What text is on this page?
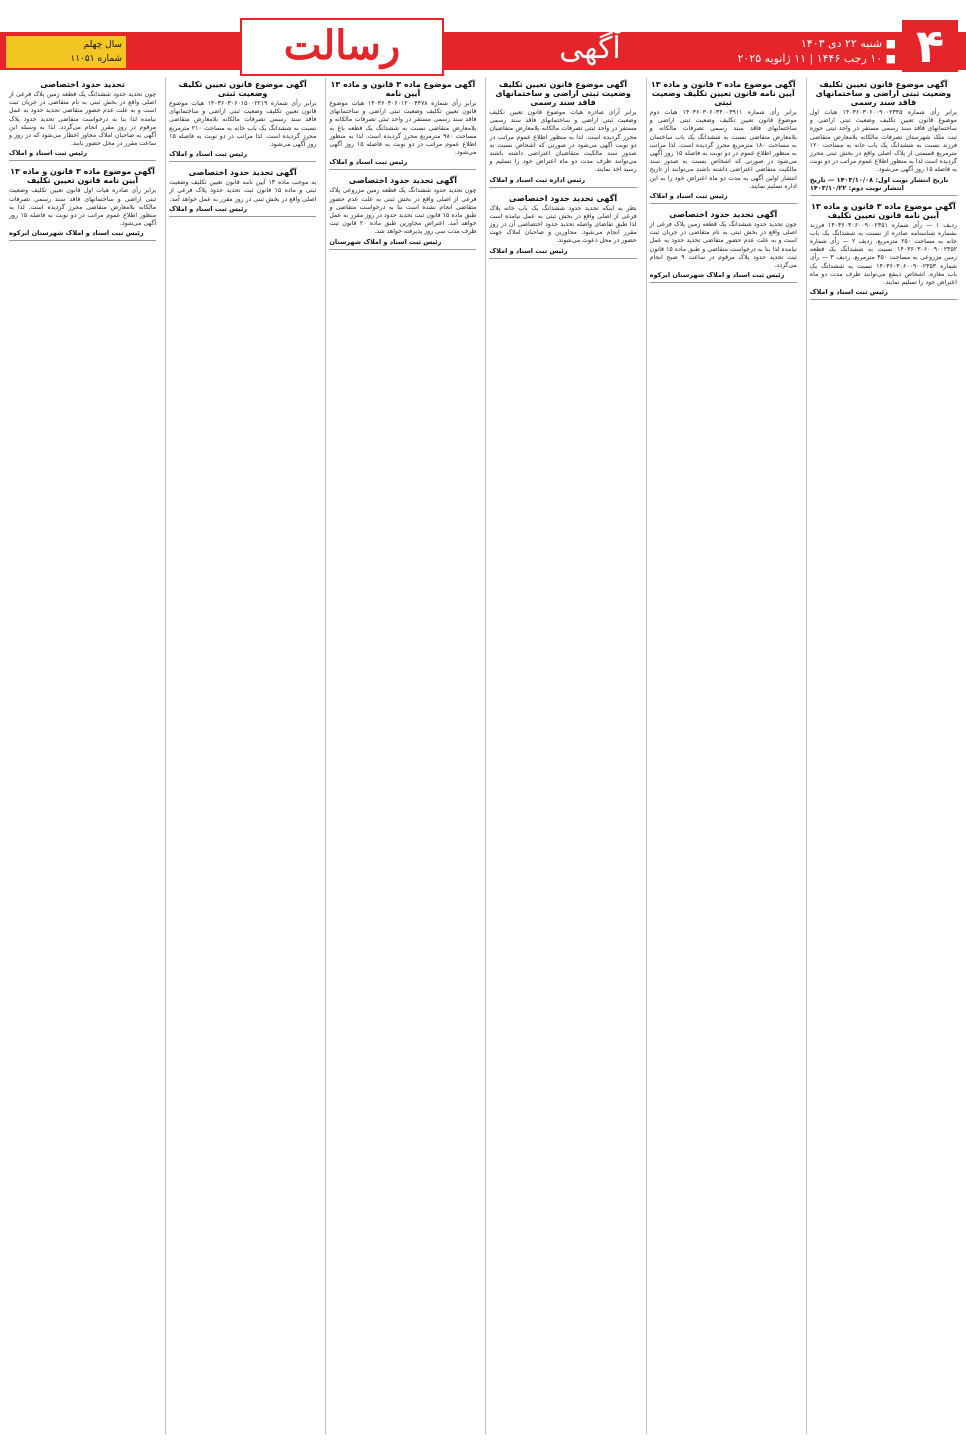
۴
■ شنبه ۲۲ دی ۱۴۰۳
■ ۱۰ رجب ۱۴۴۶ | ۱۱ ژانویه ۲۰۲۵
آگهی
رسالت
سال چهلم
شماره ۱۱۰۵۱
آگهی موضوع قانون تعیین تکلیف وضعیت ثبتی اراضی و ساختمانهای فاقد سند رسمی
برابر رأی شماره ۱۴۰۳۶۰۳۰۶۰۰۹۰۰۲۳۴۵ هیات اول موضوع قانون تعیین تکلیف وضعیت ثبتی اراضی و ساختمانهای فاقد سند رسمی مستقر در واحد ثبتی حوزه ثبت ملک شهرستان تصرفات مالکانه بلامعارض متقاضی فرزند نسبت به ششدانگ یک باب خانه به مساحت ۱۲۰ مترمربع قسمتی از پلاک اصلی واقع در بخش ثبتی محرز گردیده است لذا به منظور اطلاع عموم مراتب در دو نوبت به فاصله ۱۵ روز آگهی می‌شود.
تاریخ انتشار نوبت اول: ۱۴۰۳/۱۰/۰۸ — تاریخ انتشار نوبت دوم: ۱۴۰۳/۱۰/۲۲
آگهی موضوع ماده ۳ قانون و ماده ۱۳ آیین نامه قانون تعیین تکلیف
ردیف ۱ — رأی شماره ۱۴۰۳۶۰۳۰۶۰۰۹۰۰۲۳۵۱ فرزند بشماره شناسنامه صادره از نسبت به ششدانگ یک باب خانه به مساحت ۲۵۰ مترمربع. ردیف ۲ — رأی شماره ۱۴۰۳۶۰۳۰۶۰۰۹۰۰۲۳۵۲ نسبت به ششدانگ یک قطعه زمین مزروعی به مساحت ۴۵۰ مترمربع. ردیف ۳ — رأی شماره ۱۴۰۳۶۰۳۰۶۰۰۹۰۰۲۳۵۳ نسبت به ششدانگ یک باب مغازه. اشخاص ذینفع می‌توانند ظرف مدت دو ماه اعتراض خود را تسلیم نمایند.
رئیس ثبت اسناد و املاک
آگهی موضوع ماده ۳ قانون و ماده ۱۳ آیین نامه قانون تعیین تکلیف وضعیت ثبتی
برابر رأی شماره ۱۴۰۳۶۰۳۰۶۰۳۴۰۰۳۹۱۱ هیات دوم موضوع قانون تعیین تکلیف وضعیت ثبتی اراضی و ساختمانهای فاقد سند رسمی تصرفات مالکانه و بلامعارض متقاضی نسبت به ششدانگ یک باب ساختمان به مساحت ۱۸۰ مترمربع محرز گردیده است. لذا مراتب به منظور اطلاع عموم در دو نوبت به فاصله ۱۵ روز آگهی می‌شود در صورتی که اشخاص نسبت به صدور سند مالکیت متقاضی اعتراضی داشته باشند می‌توانند از تاریخ انتشار اولین آگهی به مدت دو ماه اعتراض خود را به این اداره تسلیم نمایند.
رئیس ثبت اسناد و املاک
آگهی تحدید حدود اختصاصی
چون تحدید حدود ششدانگ یک قطعه زمین پلاک فرعی از اصلی واقع در بخش ثبتی به نام متقاضی در جریان ثبت است و به علت عدم حضور متقاضی تحدید حدود به عمل نیامده لذا بنا به درخواست متقاضی و طبق ماده ۱۵ قانون ثبت تحدید حدود پلاک مرقوم در ساعت ۹ صبح انجام می‌گردد.
رئیس ثبت اسناد و املاک شهرستان ابرکوه
آگهی موضوع قانون تعیین تکلیف وضعیت ثبتی اراضی و ساختمانهای فاقد سند رسمی
برابر آرای صادره هیات موضوع قانون تعیین تکلیف وضعیت ثبتی اراضی و ساختمانهای فاقد سند رسمی مستقر در واحد ثبتی تصرفات مالکانه بلامعارض متقاضیان محرز گردیده است. لذا به منظور اطلاع عموم مراتب در دو نوبت آگهی می‌شود در صورتی که اشخاص نسبت به صدور سند مالکیت متقاضیان اعتراضی داشته باشند می‌توانند ظرف مدت دو ماه اعتراض خود را تسلیم و رسید اخذ نمایند.
رئیس اداره ثبت اسناد و املاک
آگهی تحدید حدود اختصاصی
نظر به اینکه تحدید حدود ششدانگ یک باب خانه پلاک فرعی از اصلی واقع در بخش ثبتی به عمل نیامده است لذا طبق تقاضای واصله تحدید حدود اختصاصی آن در روز مقرر انجام می‌شود. مجاورین و صاحبان املاک جهت حضور در محل دعوت می‌شوند.
رئیس ثبت اسناد و املاک
آگهی موضوع ماده ۳ قانون و ماده ۱۳ آیین نامه
برابر رأی شماره ۱۴۰۳۶۰۳۰۶۰۱۲۰۰۴۴۷۸ هیات موضوع قانون تعیین تکلیف وضعیت ثبتی اراضی و ساختمانهای فاقد سند رسمی مستقر در واحد ثبتی تصرفات مالکانه و بلامعارض متقاضی نسبت به ششدانگ یک قطعه باغ به مساحت ۹۸۰ مترمربع محرز گردیده است. لذا به منظور اطلاع عموم مراتب در دو نوبت به فاصله ۱۵ روز آگهی می‌شود.
رئیس ثبت اسناد و املاک
آگهی تحدید حدود اختصاصی
چون تحدید حدود ششدانگ یک قطعه زمین مزروعی پلاک فرعی از اصلی واقع در بخش ثبتی به علت عدم حضور متقاضی انجام نشده است بنا به درخواست متقاضی و طبق ماده ۱۵ قانون ثبت تحدید حدود در روز مقرر به عمل خواهد آمد. اعتراض مجاورین طبق ماده ۲۰ قانون ثبت ظرف مدت سی روز پذیرفته خواهد شد.
رئیس ثبت اسناد و املاک شهرستان
آگهی موضوع قانون تعیین تکلیف وضعیت ثبتی
برابر رأی شماره ۱۴۰۳۶۰۳۰۶۰۱۵۰۰۲۲۱۹ هیات موضوع قانون تعیین تکلیف وضعیت ثبتی اراضی و ساختمانهای فاقد سند رسمی تصرفات مالکانه بلامعارض متقاضی نسبت به ششدانگ یک باب خانه به مساحت ۲۱۰ مترمربع محرز گردیده است. لذا مراتب در دو نوبت به فاصله ۱۵ روز آگهی می‌شود.
رئیس ثبت اسناد و املاک
آگهی تحدید حدود اختصاصی
به موجب ماده ۱۳ آیین نامه قانون تعیین تکلیف وضعیت ثبتی و ماده ۱۵ قانون ثبت تحدید حدود پلاک فرعی از اصلی واقع در بخش ثبتی در روز مقرر به عمل خواهد آمد.
رئیس ثبت اسناد و املاک
تحدید حدود اختصاصی
چون تحدید حدود ششدانگ یک قطعه زمین پلاک فرعی از اصلی واقع در بخش ثبتی به نام متقاضی در جریان ثبت است و به علت عدم حضور متقاضی تحدید حدود به عمل نیامده لذا بنا به درخواست متقاضی تحدید حدود پلاک مرقوم در روز مقرر انجام می‌گردد. لذا به وسیله این آگهی به صاحبان املاک مجاور اخطار می‌شود که در روز و ساعت مقرر در محل حضور یابند.
رئیس ثبت اسناد و املاک
آگهی موضوع ماده ۳ قانون و ماده ۱۳ آیین نامه قانون تعیین تکلیف
برابر رأی صادره هیات اول قانون تعیین تکلیف وضعیت ثبتی اراضی و ساختمانهای فاقد سند رسمی تصرفات مالکانه بلامعارض متقاضی محرز گردیده است. لذا به منظور اطلاع عموم مراتب در دو نوبت به فاصله ۱۵ روز آگهی می‌شود.
رئیس ثبت اسناد و املاک شهرستان ابرکوه
